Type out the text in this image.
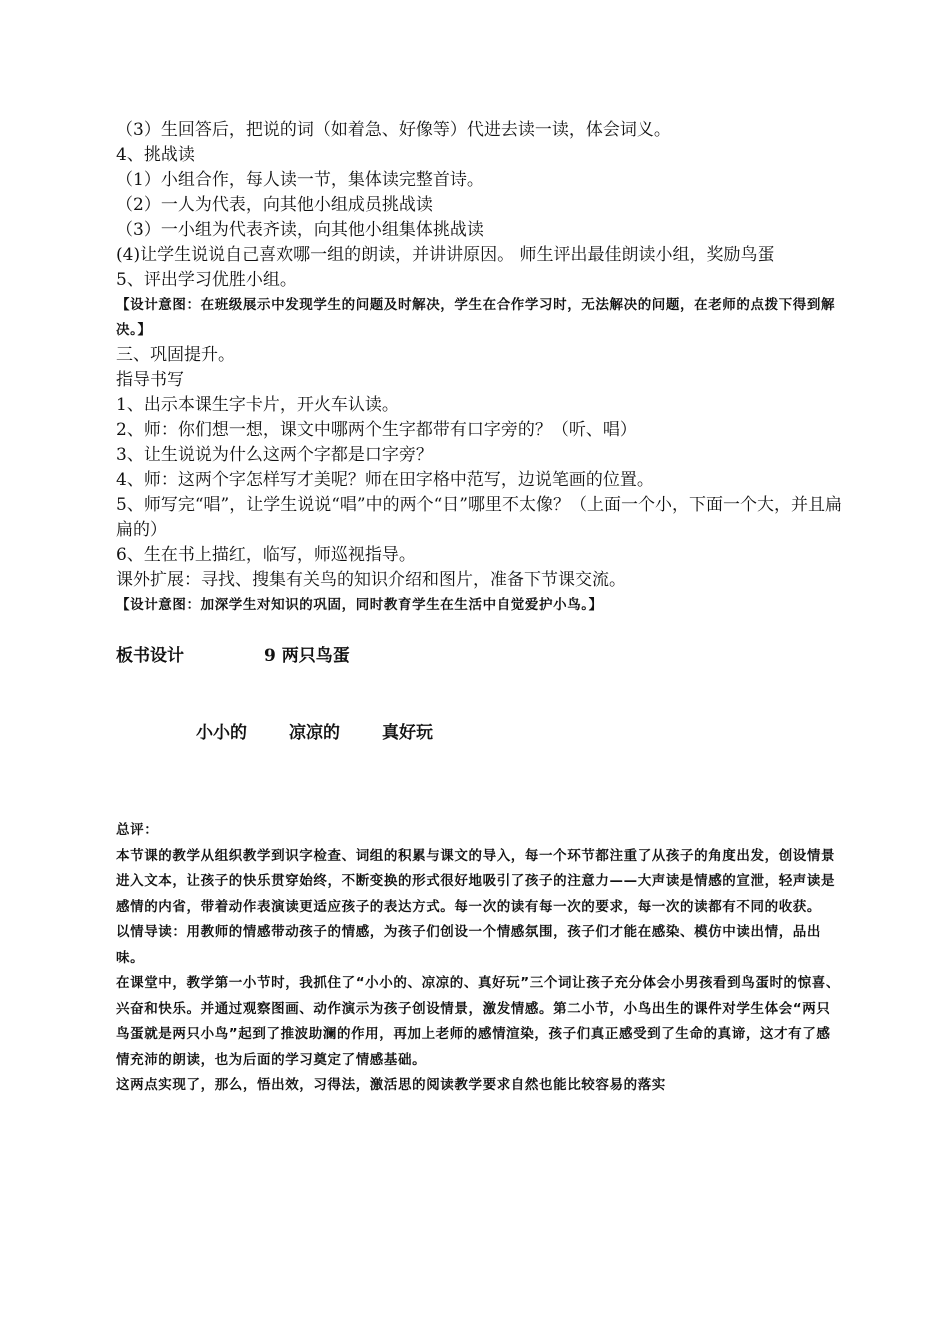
（3）生回答后，把说的词（如着急、好像等）代进去读一读，体会词义。
4、挑战读
（1）小组合作，每人读一节，集体读完整首诗。
（2）一人为代表，向其他小组成员挑战读
（3）一小组为代表齐读，向其他小组集体挑战读
(4)让学生说说自己喜欢哪一组的朗读，并讲讲原因。 师生评出最佳朗读小组，奖励鸟蛋
5、评出学习优胜小组。
【设计意图：在班级展示中发现学生的问题及时解决，学生在合作学习时，无法解决的问题，在老师的点拨下得到解决。】
三、巩固提升。
指导书写
1、出示本课生字卡片，开火车认读。
2、师：你们想一想，课文中哪两个生字都带有口字旁的？（听、唱）
3、让生说说为什么这两个字都是口字旁？
4、师：这两个字怎样写才美呢？师在田字格中范写，边说笔画的位置。
5、师写完“唱”，让学生说说“唱”中的两个“日”哪里不太像？（上面一个小，下面一个大，并且扁扁的）
6、生在书上描红，临写，师巡视指导。
课外扩展：寻找、搜集有关鸟的知识介绍和图片，准备下节课交流。
【设计意图：加深学生对知识的巩固，同时教育学生在生活中自觉爱护小鸟。】
板书设计	9 两只鸟蛋
小小的 凉凉的 真好玩
总评：
本节课的教学从组织教学到识字检查、词组的积累与课文的导入，每一个环节都注重了从孩子的角度出发，创设情景进入文本，让孩子的快乐贯穿始终，不断变换的形式很好地吸引了孩子的注意力——大声读是情感的宣泄，轻声读是感情的内省，带着动作表演读更适应孩子的表达方式。每一次的读有每一次的要求，每一次的读都有不同的收获。
以情导读：用教师的情感带动孩子的情感，为孩子们创设一个情感氛围，孩子们才能在感染、模仿中读出情，品出味。
在课堂中，教学第一小节时，我抓住了“小小的、凉凉的、真好玩”三个词让孩子充分体会小男孩看到鸟蛋时的惊喜、兴奋和快乐。并通过观察图画、动作演示为孩子创设情景，激发情感。第二小节，小鸟出生的课件对学生体会“两只鸟蛋就是两只小鸟”起到了推波助澜的作用，再加上老师的感情渲染，孩子们真正感受到了生命的真谛，这才有了感情充沛的朗读，也为后面的学习奠定了情感基础。
这两点实现了，那么，悟出效，习得法，激活思的阅读教学要求自然也能比较容易的落实
